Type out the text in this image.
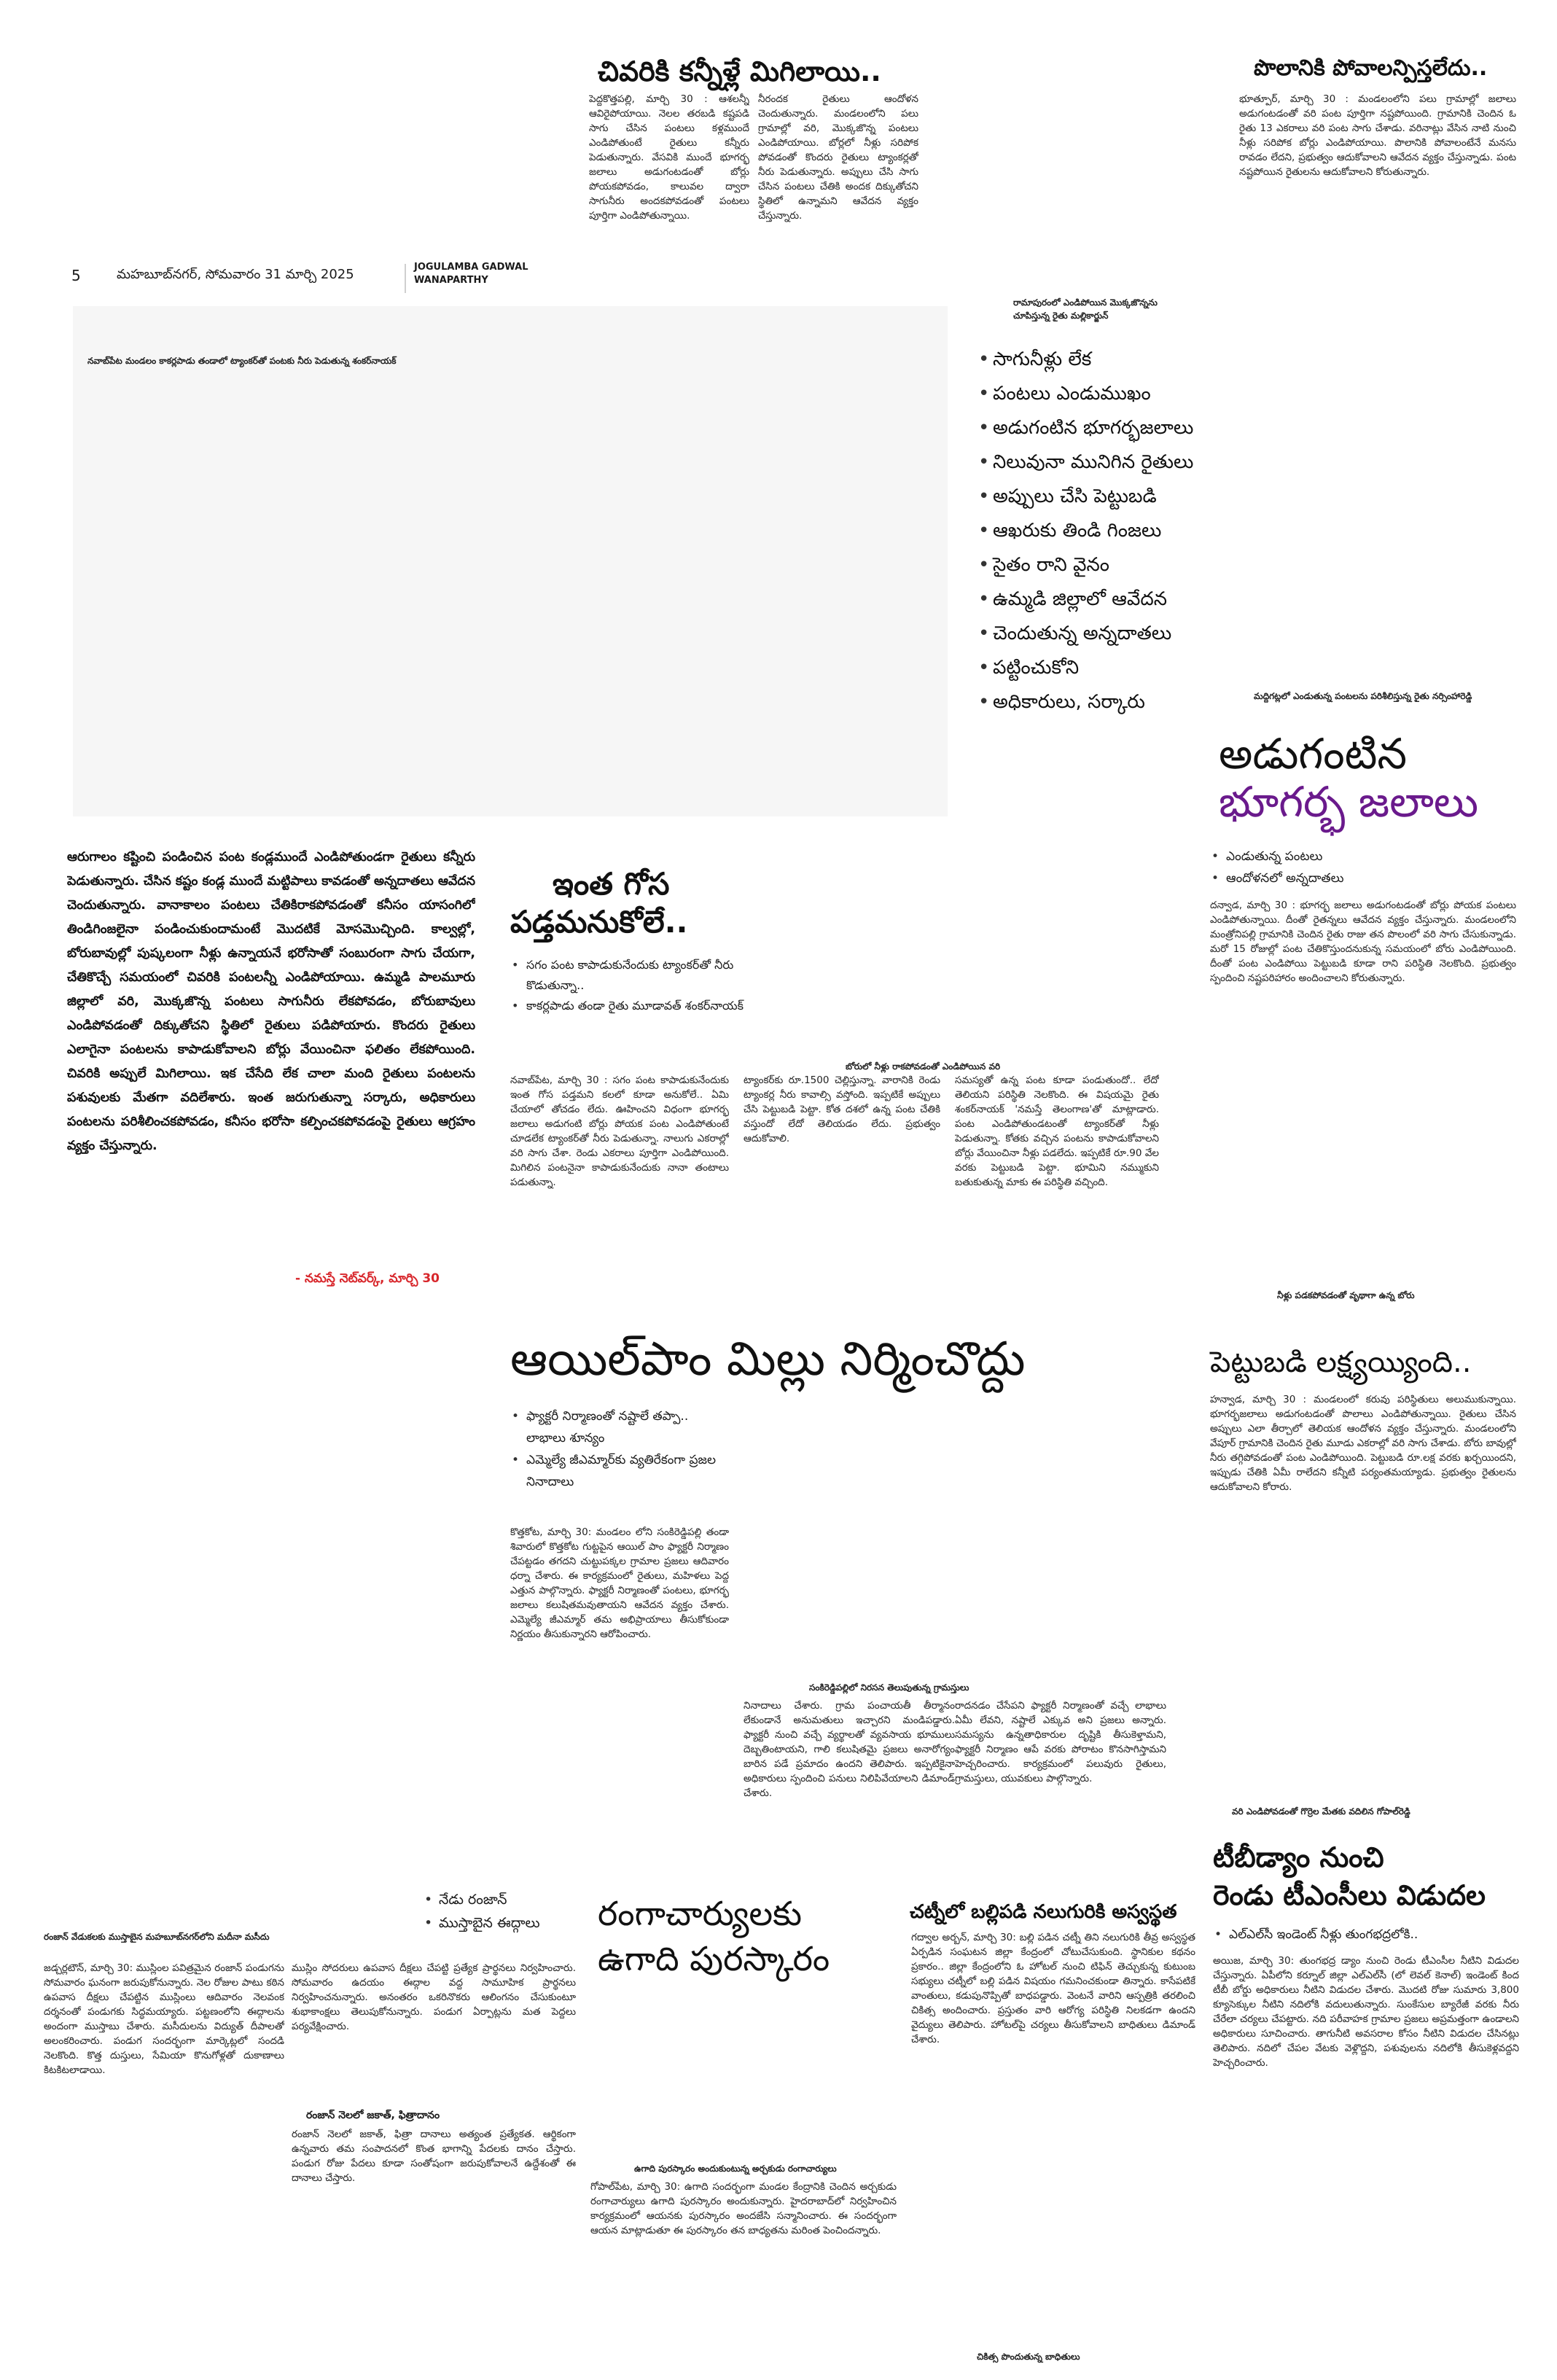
5	మహబూబ్‌నగర్, సోమవారం 31 మార్చి 2025	JOGULAMBA GADWAL
WANAPARTHY
చివరికి కన్నీళ్లే మిగిలాయి..
పెద్దకొత్తపల్లి, మార్చి 30 : ఆశలన్నీ ఆవిరైపోయాయి. నెలల తరబడి కష్టపడి సాగు చేసిన పంటలు కళ్లముందే ఎండిపోతుంటే రైతులు కన్నీరు పెడుతున్నారు. వేసవికి ముందే భూగర్భ జలాలు అడుగంటడంతో బోర్లు పోయకపోవడం, కాలువల ద్వారా సాగునీరు అందకపోవడంతో పంటలు పూర్తిగా ఎండిపోతున్నాయి.
నీరందక రైతులు ఆందోళన చెందుతున్నారు. మండలంలోని పలు గ్రామాల్లో వరి, మొక్కజొన్న పంటలు ఎండిపోయాయి. బోర్లలో నీళ్లు సరిపోక పోవడంతో కొందరు రైతులు ట్యాంకర్లతో నీరు పెడుతున్నారు. అప్పులు చేసి సాగు చేసిన పంటలు చేతికి అందక దిక్కుతోచని స్థితిలో ఉన్నామని ఆవేదన వ్యక్తం చేస్తున్నారు.
పొలానికి పోవాలన్పిస్తలేదు..
భూత్పూర్, మార్చి 30 : మండలంలోని పలు గ్రామాల్లో జలాలు అడుగంటడంతో వరి పంట పూర్తిగా నష్టపోయింది. గ్రామానికి చెందిన ఓ రైతు 13 ఎకరాలు వరి పంట సాగు చేశాడు. వరినాట్లు వేసిన నాటి నుంచి నీళ్లు సరిపోక బోర్లు ఎండిపోయాయి. పొలానికి పోవాలంటేనే మనసు రావడం లేదని, ప్రభుత్వం ఆదుకోవాలని ఆవేదన వ్యక్తం చేస్తున్నాడు. పంట నష్టపోయిన రైతులను ఆదుకోవాలని కోరుతున్నారు.
నవాబ్‌పేట మండలం కాకర్లపాడు తండాలో ట్యాంకర్‌తో పంటకు నీరు పెడుతున్న శంకర్‌నాయక్
రామాపురంలో ఎండిపోయిన మొక్కజొన్నను చూపిస్తున్న రైతు మల్లికార్జున్
• సాగునీళ్లు లేక
• పంటలు ఎండుముఖం
• అడుగంటిన భూగర్భజలాలు
• నిలువునా మునిగిన రైతులు
• అప్పులు చేసి పెట్టుబడి
• ఆఖరుకు తిండి గింజలు
• సైతం రాని వైనం
• ఉమ్మడి జిల్లాలో ఆవేదన
• చెందుతున్న అన్నదాతలు
• పట్టించుకోని
• అధికారులు, సర్కారు	మద్దిగట్లలో ఎండుతున్న పంటలను పరిశీలిస్తున్న రైతు నర్సింహారెడ్డి
అడుగంటిన
భూగర్భ జలాలు
• ఎండుతున్న పంటలు
• ఆందోళనలో అన్నదాతలు
దన్వాడ, మార్చి 30 : భూగర్భ జలాలు అడుగంటడంతో బోర్లు పోయక పంటలు ఎండిపోతున్నాయి. దీంతో రైతన్నలు ఆవేదన వ్యక్తం చేస్తున్నారు. మండలంలోని మంత్రోనిపల్లి గ్రామానికి చెందిన రైతు రాజు తన పొలంలో వరి సాగు చేసుకున్నాడు. మరో 15 రోజుల్లో పంట చేతికొస్తుందనుకున్న సమయంలో బోరు ఎండిపోయింది. దీంతో పంట ఎండిపోయి పెట్టుబడి కూడా రాని పరిస్థితి నెలకొంది. ప్రభుత్వం స్పందించి నష్టపరిహారం అందించాలని కోరుతున్నారు.
ఆరుగాలం కష్టించి పండించిన పంట కండ్లముందే ఎండిపోతుండగా రైతులు కన్నీరు పెడుతున్నారు. చేసిన కష్టం కండ్ల ముందే మట్టిపాలు కావడంతో అన్నదాతలు ఆవేదన చెందుతున్నారు. వానాకాలం పంటలు చేతికిరాకపోవడంతో కనీసం యాసంగిలో తిండిగింజలైనా పండించుకుందామంటే మొదటికే మోసమొచ్చింది. కాల్వల్లో, బోరుబావుల్లో పుష్కలంగా నీళ్లు ఉన్నాయనే భరోసాతో సంబురంగా సాగు చేయగా, చేతికొచ్చే సమయంలో చివరికి పంటలన్నీ ఎండిపోయాయి. ఉమ్మడి పాలమూరు జిల్లాలో వరి, మొక్కజొన్న పంటలు సాగునీరు లేకపోవడం, బోరుబావులు ఎండిపోవడంతో దిక్కుతోచని స్థితిలో రైతులు పడిపోయారు. కొందరు రైతులు ఎలాగైనా పంటలను కాపాడుకోవాలని బోర్లు వేయించినా ఫలితం లేకపోయింది. చివరికి అప్పులే మిగిలాయి. ఇక చేసేది లేక చాలా మంది రైతులు పంటలను పశువులకు మేతగా వదిలేశారు. ఇంత జరుగుతున్నా సర్కారు, అధికారులు పంటలను పరిశీలించకపోవడం, కనీసం భరోసా కల్పించకపోవడంపై రైతులు ఆగ్రహం వ్యక్తం చేస్తున్నారు.
- నమస్తే నెట్‌వర్క్, మార్చి 30
ఇంత గోస
పడ్తమనుకోలే..
• సగం పంట కాపాడుకునేందుకు ట్యాంకర్‌తో నీరు కొడుతున్నా..
• కాకర్లపాడు తండా రైతు మూడావత్ శంకర్‌నాయక్
నవాబ్‌పేట, మార్చి 30 : సగం పంట కాపాడుకునేందుకు ఇంత గోస పడ్తమని కలలో కూడా అనుకోలే.. ఏమి చేయాలో తోచడం లేదు. ఊహించని విధంగా భూగర్భ జలాలు అడుగంటి బోర్లు పోయక పంట ఎండిపోతుంటే చూడలేక ట్యాంకర్‌తో నీరు పెడుతున్నా. నాలుగు ఎకరాల్లో వరి సాగు చేశా. రెండు ఎకరాలు పూర్తిగా ఎండిపోయింది. మిగిలిన పంటనైనా కాపాడుకునేందుకు నానా తంటాలు పడుతున్నా.
ట్యాంకర్‌కు రూ.1500 చెల్లిస్తున్నా. వారానికి రెండు ట్యాంకర్ల నీరు కావాల్సి వస్తోంది. ఇప్పటికే అప్పులు చేసి పెట్టుబడి పెట్టా. కోత దశలో ఉన్న పంట చేతికి వస్తుందో లేదో తెలియడం లేదు. ప్రభుత్వం ఆదుకోవాలి.
సమస్యతో ఉన్న పంట కూడా పండుతుందో.. లేదో తెలియని పరిస్థితి నెలకొంది. ఈ విషయమై రైతు శంకర్‌నాయక్ 'నమస్తే తెలంగాణ'తో మాట్లాడారు. పంట ఎండిపోతుండటంతో ట్యాంకర్‌తో నీళ్లు పెడుతున్నా. కోతకు వచ్చిన పంటను కాపాడుకోవాలని బోర్లు వేయించినా నీళ్లు పడలేదు. ఇప్పటికే రూ.90 వేల వరకు పెట్టుబడి పెట్టా. భూమిని నమ్ముకుని బతుకుతున్న మాకు ఈ పరిస్థితి వచ్చింది.
బోరులో నీళ్లు రాకపోవడంతో ఎండిపోయిన వరి
నీళ్లు పడకపోవడంతో వృథాగా ఉన్న బోరు
ఆయిల్‌పాం మిల్లు నిర్మించొద్దు
• ఫ్యాక్టరీ నిర్మాణంతో నష్టాలే తప్పా.. లాభాలు శూన్యం
• ఎమ్మెల్యే జీఎమ్మార్‌కు వ్యతిరేకంగా ప్రజల నినాదాలు
కొత్తకోట, మార్చి 30: మండలం లోని సంకిరెడ్డిపల్లి తండా శివారులో కొత్తకోట గుట్టపైన ఆయిల్ పాం ఫ్యాక్టరీ నిర్మాణం చేపట్టడం తగదని చుట్టుపక్కల గ్రామాల ప్రజలు ఆదివారం ధర్నా చేశారు. ఈ కార్యక్రమంలో రైతులు, మహిళలు పెద్ద ఎత్తున పాల్గొన్నారు. ఫ్యాక్టరీ నిర్మాణంతో పంటలు, భూగర్భ జలాలు కలుషితమవుతాయని ఆవేదన వ్యక్తం చేశారు. ఎమ్మెల్యే జీఎమ్మార్ తమ అభిప్రాయాలు తీసుకోకుండా నిర్ణయం తీసుకున్నారని ఆరోపించారు.
నినాదాలు చేశారు. గ్రామ పంచాయతీ తీర్మానం లేకుండానే అనుమతులు ఇచ్చారని మండిపడ్డారు. ఫ్యాక్టరీ నుంచి వచ్చే వ్యర్థాలతో వ్యవసాయ భూములు దెబ్బతింటాయని, గాలి కలుషితమై ప్రజలు అనారోగ్యం బారిన పడే ప్రమాదం ఉందని తెలిపారు. ఇప్పటికైనా అధికారులు స్పందించి పనులు నిలిపివేయాలని డిమాండ్ చేశారు.
రాదనడం చేసేపని ఫ్యాక్టరీ నిర్మాణంతో వచ్చే లాభాలు ఏమీ లేవని, నష్టాలే ఎక్కువ అని ప్రజలు అన్నారు. సమస్యను ఉన్నతాధికారుల దృష్టికి తీసుకెళ్తామని, ఫ్యాక్టరీ నిర్మాణం ఆపే వరకు పోరాటం కొనసాగిస్తామని హెచ్చరించారు. కార్యక్రమంలో పలువురు రైతులు, గ్రామస్తులు, యువకులు పాల్గొన్నారు.
సంకిరెడ్డిపల్లిలో నిరసన తెలుపుతున్న గ్రామస్తులు
పెట్టుబడి లక్ష్యయ్యింది..
హన్వాడ, మార్చి 30 : మండలంలో కరువు పరిస్థితులు అలుముకున్నాయి. భూగర్భజలాలు అడుగంటడంతో పొలాలు ఎండిపోతున్నాయి. రైతులు చేసిన అప్పులు ఎలా తీర్చాలో తెలియక ఆందోళన వ్యక్తం చేస్తున్నారు. మండలంలోని వేపూర్ గ్రామానికి చెందిన రైతు మూడు ఎకరాల్లో వరి సాగు చేశాడు. బోరు బావుల్లో నీరు తగ్గిపోవడంతో పంట ఎండిపోయింది. పెట్టుబడి రూ.లక్ష వరకు ఖర్చయిందని, ఇప్పుడు చేతికి ఏమీ రాలేదని కన్నీటి పర్యంతమయ్యాడు. ప్రభుత్వం రైతులను ఆదుకోవాలని కోరారు.
వరి ఎండిపోవడంతో గొర్రెల మేతకు వదిలిన గోపాల్‌రెడ్డి
టీబీడ్యాం నుంచి
రెండు టీఎంసీలు విడుదల
• ఎల్‌ఎల్‌సీ ఇండెంట్ నీళ్లు తుంగభద్రలోకి..
అయిజ, మార్చి 30: తుంగభద్ర డ్యాం నుంచి రెండు టీఎంసీల నీటిని విడుదల చేస్తున్నారు. ఏపీలోని కర్నూల్ జిల్లా ఎల్‌ఎల్‌సీ (లో లెవల్ కెనాల్) ఇండెంట్ కింద టీబీ బోర్డు అధికారులు నీటిని విడుదల చేశారు. మొదటి రోజు సుమారు 3,800 క్యూసెక్కుల నీటిని నదిలోకి వదులుతున్నారు. సుంకేసుల బ్యారేజీ వరకు నీరు చేరేలా చర్యలు చేపట్టారు. నది పరీవాహక గ్రామాల ప్రజలు అప్రమత్తంగా ఉండాలని అధికారులు సూచించారు. తాగునీటి అవసరాల కోసం నీటిని విడుదల చేసినట్లు తెలిపారు. నదిలో చేపల వేటకు వెళ్లొద్దని, పశువులను నదిలోకి తీసుకెళ్లవద్దని హెచ్చరించారు.
• నేడు రంజాన్
• ముస్తాబైన ఈద్గాలు
రంజాన్ వేడుకలకు ముస్తాబైన మహబూబ్‌నగర్‌లోని మదీనా మసీదు
జడ్చర్లటౌన్, మార్చి 30: ముస్లింల పవిత్రమైన రంజాన్ పండుగను సోమవారం ఘనంగా జరుపుకోనున్నారు. నెల రోజుల పాటు కఠిన ఉపవాస దీక్షలు చేపట్టిన ముస్లింలు ఆదివారం నెలవంక దర్శనంతో పండుగకు సిద్ధమయ్యారు. పట్టణంలోని ఈద్గాలను అందంగా ముస్తాబు చేశారు. మసీదులను విద్యుత్ దీపాలతో అలంకరించారు. పండుగ సందర్భంగా మార్కెట్లలో సందడి నెలకొంది. కొత్త దుస్తులు, సేమియా కొనుగోళ్లతో దుకాణాలు కిటకిటలాడాయి.
ముస్లిం సోదరులు ఉపవాస దీక్షలు చేపట్టి ప్రత్యేక ప్రార్థనలు నిర్వహించారు. సోమవారం ఉదయం ఈద్గాల వద్ద సామూహిక ప్రార్థనలు నిర్వహించనున్నారు. అనంతరం ఒకరినొకరు ఆలింగనం చేసుకుంటూ శుభాకాంక్షలు తెలుపుకోనున్నారు. పండుగ ఏర్పాట్లను మత పెద్దలు పర్యవేక్షించారు.
రంజాన్ నెలలో జకాత్, ఫిత్రాదానం
రంజాన్ నెలలో జకాత్, ఫిత్రా దానాలు అత్యంత ప్రత్యేకత. ఆర్థికంగా ఉన్నవారు తమ సంపాదనలో కొంత భాగాన్ని పేదలకు దానం చేస్తారు. పండుగ రోజు పేదలు కూడా సంతోషంగా జరుపుకోవాలనే ఉద్దేశంతో ఈ దానాలు చేస్తారు.
రంగాచార్యులకు
ఉగాది పురస్కారం
ఉగాది పురస్కారం అందుకుంటున్న అర్చకుడు రంగాచార్యులు
గోపాల్‌పేట, మార్చి 30: ఉగాది సందర్భంగా మండల కేంద్రానికి చెందిన అర్చకుడు రంగాచార్యులు ఉగాది పురస్కారం అందుకున్నారు. హైదరాబాద్‌లో నిర్వహించిన కార్యక్రమంలో ఆయనకు పురస్కారం అందజేసి సన్మానించారు. ఈ సందర్భంగా ఆయన మాట్లాడుతూ ఈ పురస్కారం తన బాధ్యతను మరింత పెంచిందన్నారు.
చట్నీలో బల్లిపడి నలుగురికి అస్వస్థత
గద్వాల అర్బన్, మార్చి 30: బల్లి పడిన చట్నీ తిని నలుగురికి తీవ్ర అస్వస్థత ఏర్పడిన సంఘటన జిల్లా కేంద్రంలో చోటుచేసుకుంది. స్థానికుల కథనం ప్రకారం.. జిల్లా కేంద్రంలోని ఓ హోటల్ నుంచి టిఫిన్ తెచ్చుకున్న కుటుంబ సభ్యులు చట్నీలో బల్లి పడిన విషయం గమనించకుండా తిన్నారు. కాసేపటికే వాంతులు, కడుపునొప్పితో బాధపడ్డారు. వెంటనే వారిని ఆస్పత్రికి తరలించి చికిత్స అందించారు. ప్రస్తుతం వారి ఆరోగ్య పరిస్థితి నిలకడగా ఉందని వైద్యులు తెలిపారు. హోటల్‌పై చర్యలు తీసుకోవాలని బాధితులు డిమాండ్ చేశారు.
చికిత్స పొందుతున్న బాధితులు
